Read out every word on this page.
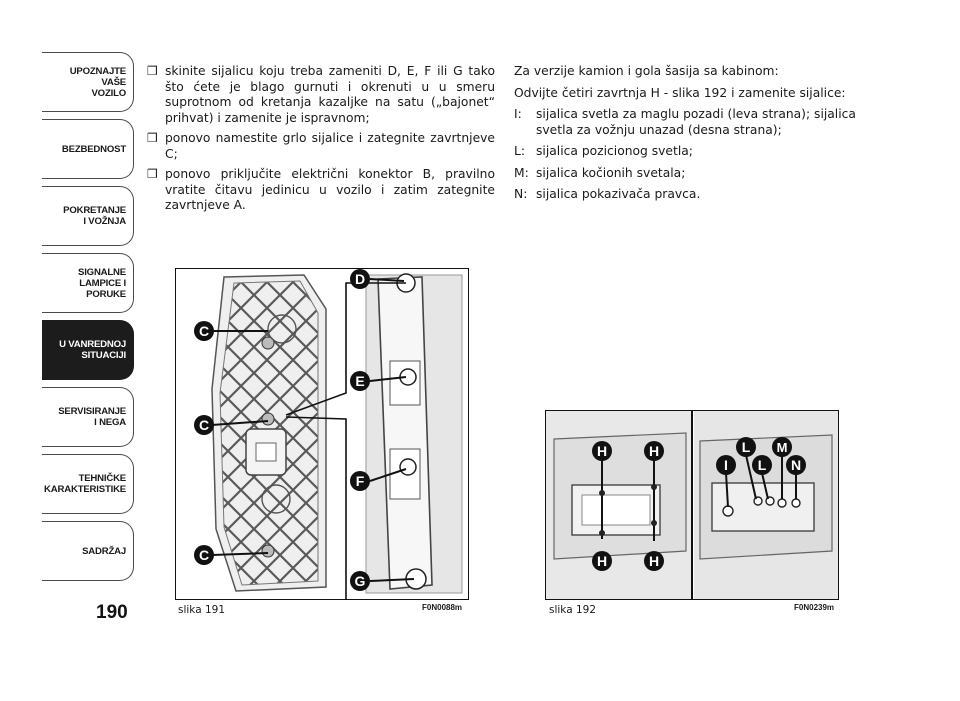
UPOZNAJTE
VAŠE
VOZILO
BEZBEDNOST
POKRETANJE
I VOŽNJA
SIGNALNE
LAMPICE I PORUKE
U VANREDNOJ
SITUACIJI
SERVISIRANJE
I NEGA
TEHNIČKE
KARAKTERISTIKE
SADRŽAJ
190
❒ skinite sijalicu koju treba zameniti D, E, F ili G tako što ćete je blago gurnuti i okrenuti u u smeru suprotnom od kretanja kazaljke na satu („bajonet“ prihvat) i zamenite je ispravnom;
❒ ponovo namestite grlo sijalice i zategnite zavrtnjeve C;
❒ ponovo priključite električni konektor B, pravilno vratite čitavu jedinicu u vozilo i zatim zategnite zavrtnjeve A.
Za verzije kamion i gola šasija sa kabinom:
Odvijte četiri zavrtnja H - slika 192 i zamenite sijalice:
I:	sijalica svetla za maglu pozadi (leva strana); sijalica svetla za vožnju unazad (desna strana);
L: sijalica pozicionog svetla;
M: sijalica kočionih svetala;
N: sijalica pokazivača pravca.
C
C
C
D
E
F
G
slika 191	F0N0088m
H	H
H	H
I
L M
L N
slika 192	F0N0239m
